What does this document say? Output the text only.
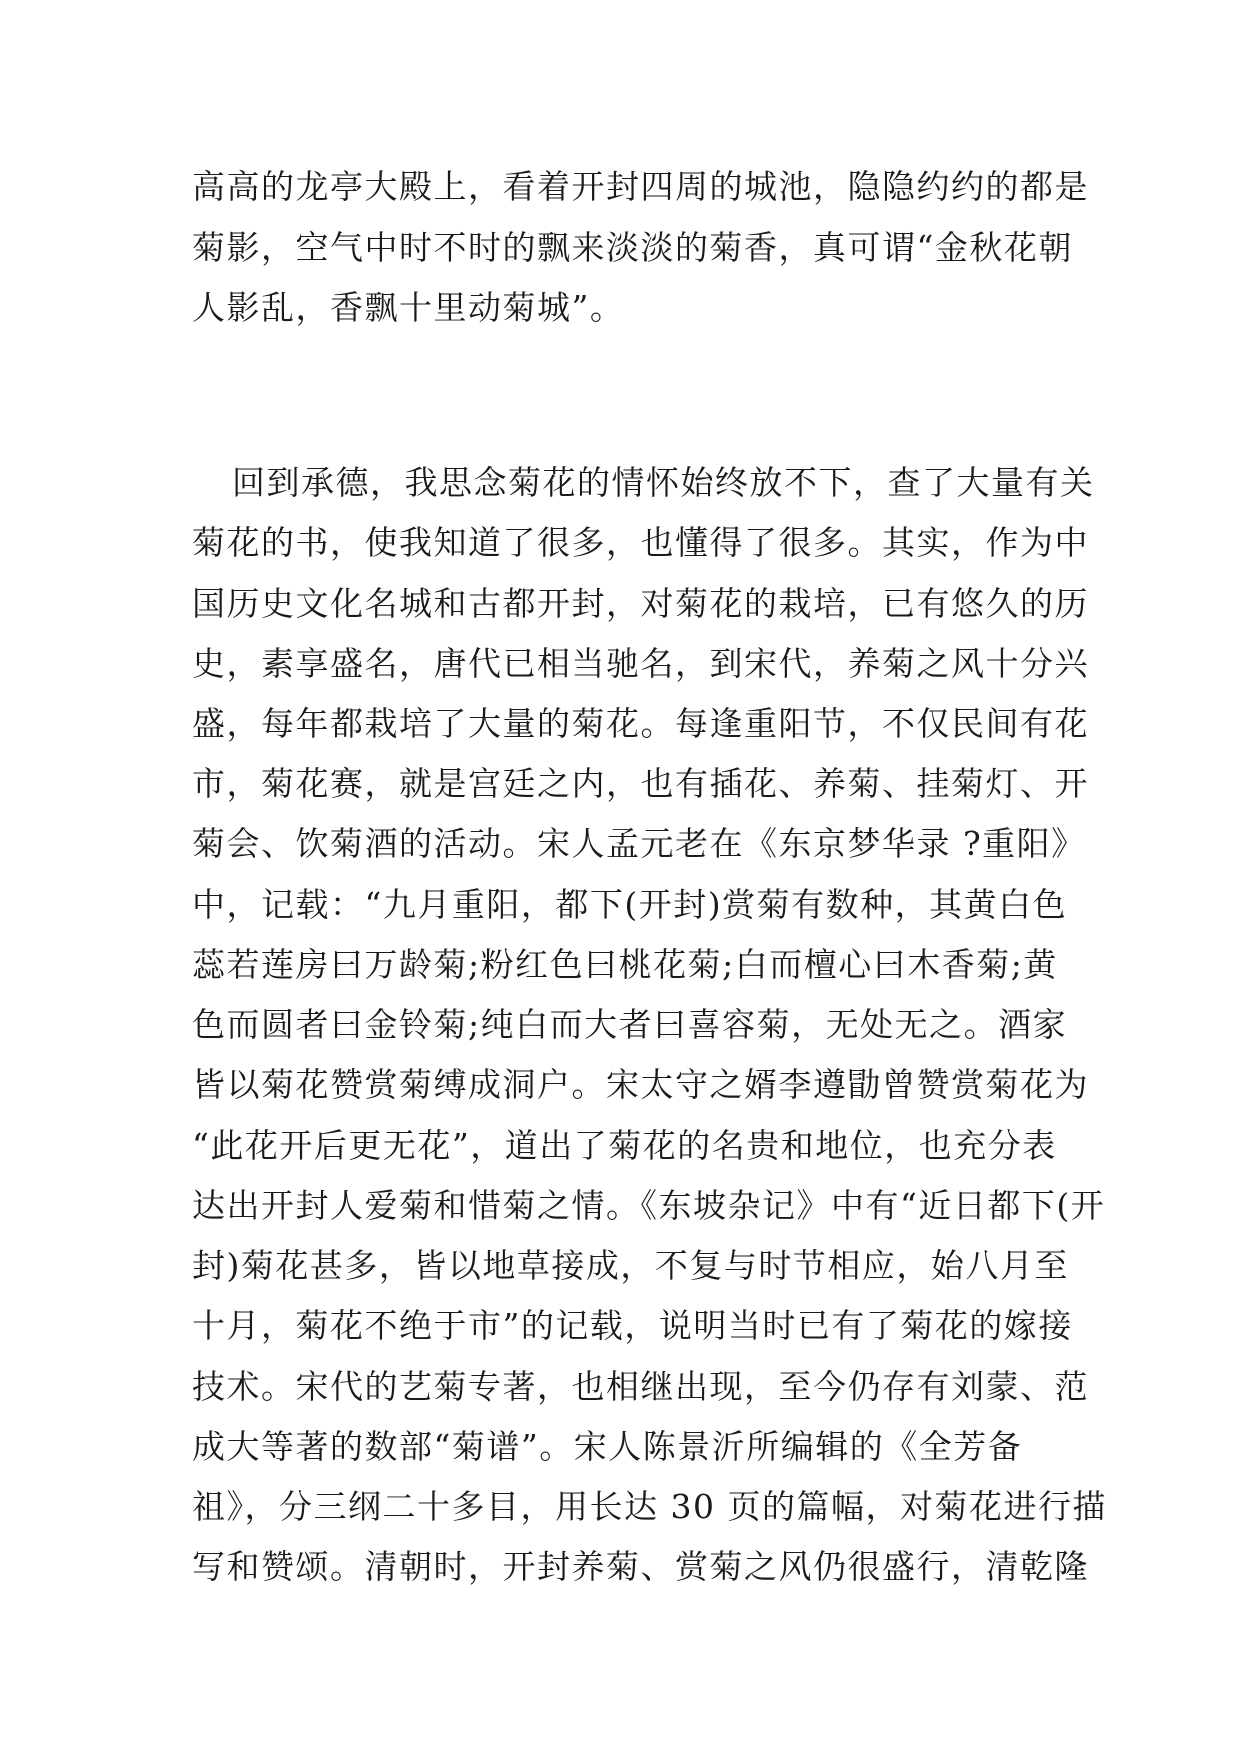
高高的龙亭大殿上，看着开封四周的城池，隐隐约约的都是
菊影，空气中时不时的飘来淡淡的菊香，真可谓“金秋花朝
人影乱，香飘十里动菊城”。
回到承德，我思念菊花的情怀始终放不下，查了大量有关
菊花的书，使我知道了很多，也懂得了很多。其实，作为中
国历史文化名城和古都开封，对菊花的栽培，已有悠久的历
史，素享盛名，唐代已相当驰名，到宋代，养菊之风十分兴
盛，每年都栽培了大量的菊花。每逢重阳节，不仅民间有花
市，菊花赛，就是宫廷之内，也有插花、养菊、挂菊灯、开
菊会、饮菊酒的活动。宋人孟元老在《东京梦华录 ?重阳》
中，记载：“九月重阳，都下(开封)赏菊有数种，其黄白色
蕊若莲房曰万龄菊;粉红色曰桃花菊;白而檀心曰木香菊;黄
色而圆者曰金铃菊;纯白而大者曰喜容菊，无处无之。酒家
皆以菊花赞赏菊缚成洞户。宋太守之婿李遵勖曾赞赏菊花为
“此花开后更无花”，道出了菊花的名贵和地位，也充分表
达出开封人爱菊和惜菊之情。《东坡杂记》中有“近日都下(开
封)菊花甚多，皆以地草接成，不复与时节相应，始八月至
十月，菊花不绝于市”的记载，说明当时已有了菊花的嫁接
技术。宋代的艺菊专著，也相继出现，至今仍存有刘蒙、范
成大等著的数部“菊谱”。宋人陈景沂所编辑的《全芳备
祖》，分三纲二十多目，用长达 30 页的篇幅，对菊花进行描
写和赞颂。清朝时，开封养菊、赏菊之风仍很盛行，清乾隆
